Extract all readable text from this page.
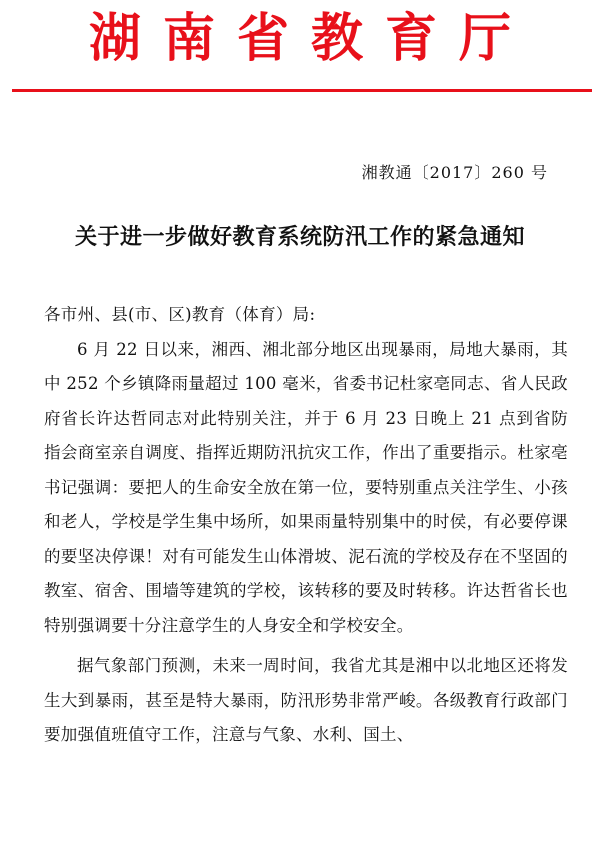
湖南省教育厅
湘教通〔2017〕260 号
关于进一步做好教育系统防汛工作的紧急通知

各市州、县(市、区)教育（体育）局:

6 月 22 日以来，湘西、湘北部分地区出现暴雨，局地大暴雨，其中 252 个乡镇降雨量超过 100 毫米，省委书记杜家亳同志、省人民政府省长许达哲同志对此特别关注，并于 6 月 23 日晚上 21 点到省防指会商室亲自调度、指挥近期防汛抗灾工作，作出了重要指示。杜家亳书记强调：要把人的生命安全放在第一位，要特别重点关注学生、小孩和老人，学校是学生集中场所，如果雨量特别集中的时侯，有必要停课的要坚决停课！对有可能发生山体滑坡、泥石流的学校及存在不坚固的教室、宿舍、围墙等建筑的学校，该转移的要及时转移。许达哲省长也特别强调要十分注意学生的人身安全和学校安全。

据气象部门预测，未来一周时间，我省尤其是湘中以北地区还将发生大到暴雨，甚至是特大暴雨，防汛形势非常严峻。各级教育行政部门要加强值班值守工作，注意与气象、水利、国土、
